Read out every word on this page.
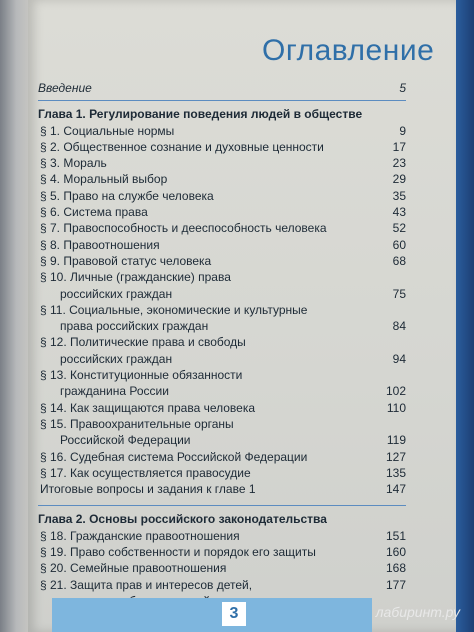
Оглавление
Введение	5
Глава 1. Регулирование поведения людей в обществе
§ 1. Социальные нормы	9
§ 2. Общественное сознание и духовные ценности	17
§ 3. Мораль	23
§ 4. Моральный выбор	29
§ 5. Право на службе человека	35
§ 6. Система права	43
§ 7. Правоспособность и дееспособность человека	52
§ 8. Правоотношения	60
§ 9. Правовой статус человека	68
§ 10. Личные (гражданские) права
российских граждан	75
§ 11. Социальные, экономические и культурные
права российских граждан	84
§ 12. Политические права и свободы
российских граждан	94
§ 13. Конституционные обязанности
гражданина России	102
§ 14. Как защищаются права человека	110
§ 15. Правоохранительные органы
Российской Федерации	119
§ 16. Судебная система Российской Федерации	127
§ 17. Как осуществляется правосудие	135
Итоговые вопросы и задания к главе 1	147
Глава 2. Основы российского законодательства
§ 18. Гражданские правоотношения	151
§ 19. Право собственности и порядок его защиты	160
§ 20. Семейные правоотношения	168
§ 21. Защита прав и интересов детей,	177
3	лабиринт.ру
